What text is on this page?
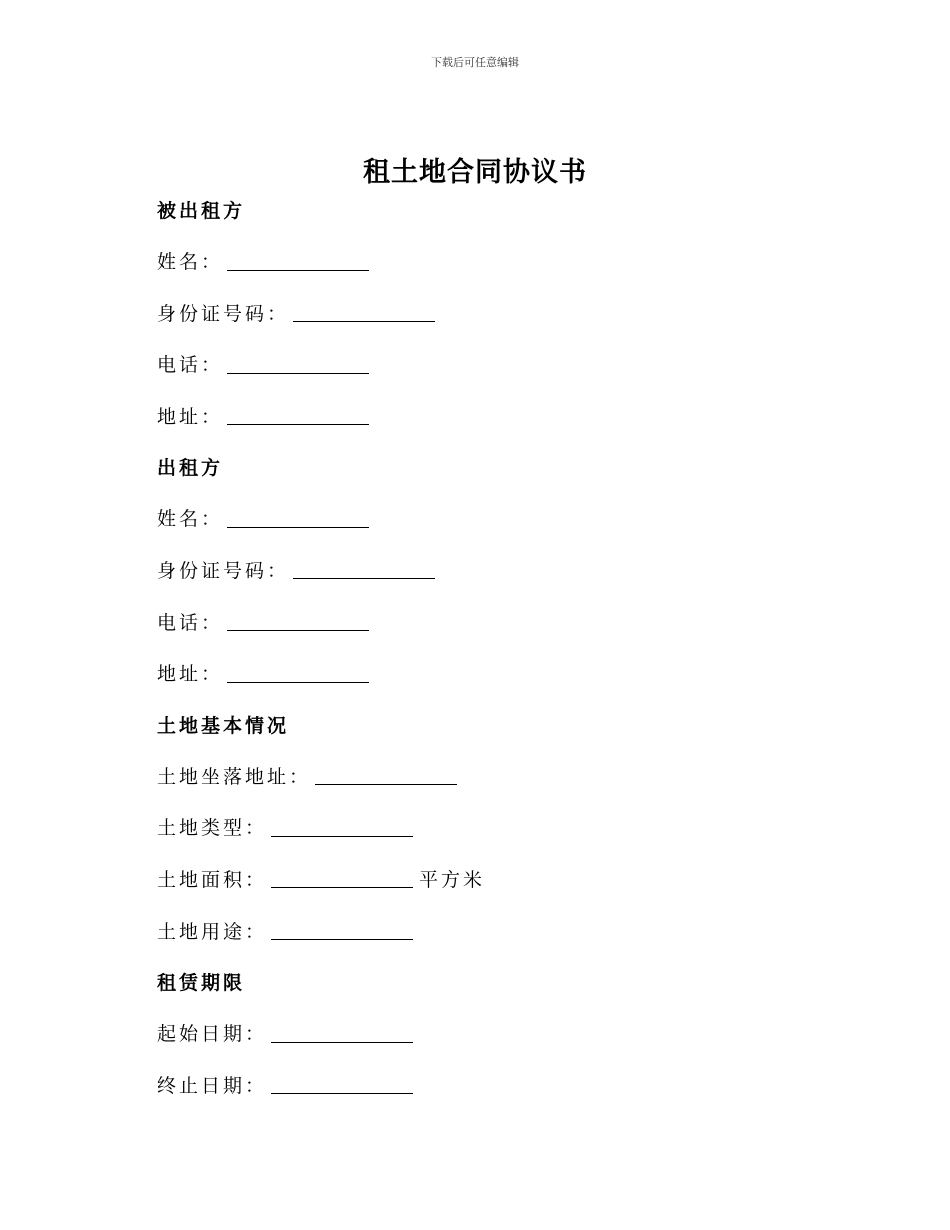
下载后可任意编辑
租土地合同协议书
被出租方
姓名：
身份证号码：
电话：
地址：
出租方
姓名：
身份证号码：
电话：
地址：
土地基本情况
土地坐落地址：
土地类型：
土地面积：	平方米
土地用途：
租赁期限
起始日期：
终止日期：
